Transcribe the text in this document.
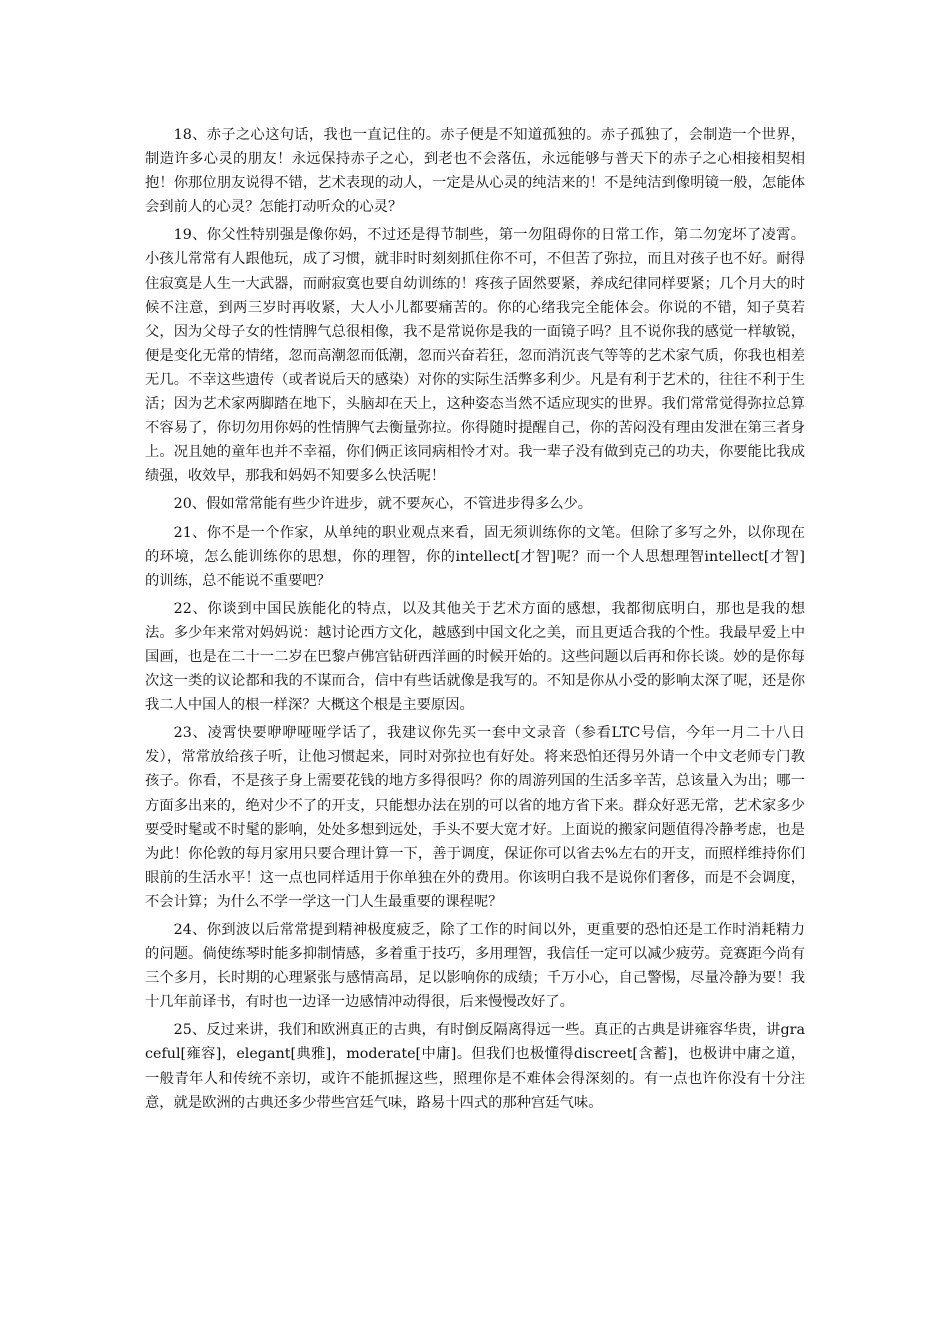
18、赤子之心这句话，我也一直记住的。赤子便是不知道孤独的。赤子孤独了，会制造一个世界，制造许多心灵的朋友！永远保持赤子之心，到老也不会落伍，永远能够与普天下的赤子之心相接相契相抱！你那位朋友说得不错，艺术表现的动人，一定是从心灵的纯洁来的！不是纯洁到像明镜一般，怎能体会到前人的心灵？怎能打动听众的心灵？

19、你父性特别强是像你妈，不过还是得节制些，第一勿阻碍你的日常工作，第二勿宠坏了凌霄。小孩儿常常有人跟他玩，成了习惯，就非时时刻刻抓住你不可，不但苦了弥拉，而且对孩子也不好。耐得住寂寞是人生一大武器，而耐寂寞也要自幼训练的！疼孩子固然要紧，养成纪律同样要紧；几个月大的时候不注意，到两三岁时再收紧，大人小儿都要痛苦的。你的心绪我完全能体会。你说的不错，知子莫若父，因为父母子女的性情脾气总很相像，我不是常说你是我的一面镜子吗？且不说你我的感觉一样敏锐，便是变化无常的情绪，忽而高潮忽而低潮，忽而兴奋若狂，忽而消沉丧气等等的艺术家气质，你我也相差无几。不幸这些遗传（或者说后天的感染）对你的实际生活弊多利少。凡是有利于艺术的，往往不利于生活；因为艺术家两脚踏在地下，头脑却在天上，这种姿态当然不适应现实的世界。我们常常觉得弥拉总算不容易了，你切勿用你妈的性情脾气去衡量弥拉。你得随时提醒自己，你的苦闷没有理由发泄在第三者身上。况且她的童年也并不幸福，你们俩正该同病相怜才对。我一辈子没有做到克己的功夫，你要能比我成绩强，收效早，那我和妈妈不知要多么快活呢！

20、假如常常能有些少许进步，就不要灰心，不管进步得多么少。

21、你不是一个作家，从单纯的职业观点来看，固无须训练你的文笔。但除了多写之外，以你现在的环境，怎么能训练你的思想，你的理智，你的intellect[才智]呢？而一个人思想理智intellect[才智] 的训练，总不能说不重要吧？

22、你谈到中国民族能化的特点，以及其他关于艺术方面的感想，我都彻底明白，那也是我的想法。多少年来常对妈妈说：越讨论西方文化，越感到中国文化之美，而且更适合我的个性。我最早爱上中国画，也是在二十一二岁在巴黎卢佛宫钻研西洋画的时候开始的。这些问题以后再和你长谈。妙的是你每次这一类的议论都和我的不谋而合，信中有些话就像是我写的。不知是你从小受的影响太深了呢，还是你我二人中国人的根一样深？大概这个根是主要原因。

23、凌霄快要咿咿哑哑学话了，我建议你先买一套中文录音（参看LTC号信，今年一月二十八日发），常常放给孩子听，让他习惯起来，同时对弥拉也有好处。将来恐怕还得另外请一个中文老师专门教孩子。你看，不是孩子身上需要花钱的地方多得很吗？你的周游列国的生活多辛苦，总该量入为出；哪一方面多出来的，绝对少不了的开支，只能想办法在别的可以省的地方省下来。群众好恶无常，艺术家多少要受时髦或不时髦的影响，处处多想到远处，手头不要大宽才好。上面说的搬家问题值得冷静考虑，也是为此！你伦敦的每月家用只要合理计算一下，善于调度，保证你可以省去%左右的开支，而照样维持你们眼前的生活水平！这一点也同样适用于你单独在外的费用。你该明白我不是说你们奢侈，而是不会调度，不会计算；为什么不学一学这一门人生最重要的课程呢？

24、你到波以后常常提到精神极度疲乏，除了工作的时间以外，更重要的恐怕还是工作时消耗精力的问题。倘使练琴时能多抑制情感，多着重于技巧，多用理智，我信任一定可以减少疲劳。竞赛距今尚有三个多月，长时期的心理紧张与感情高昂，足以影响你的成绩；千万小心，自己警惕，尽量冷静为要！我十几年前译书，有时也一边译一边感情冲动得很，后来慢慢改好了。

25、反过来讲，我们和欧洲真正的古典，有时倒反隔离得远一些。真正的古典是讲雍容华贵，讲graceful[雍容]，elegant[典雅]，moderate[中庸]。但我们也极懂得discreet[含蓄]，也极讲中庸之道，一般青年人和传统不亲切，或许不能抓握这些，照理你是不难体会得深刻的。有一点也许你没有十分注意，就是欧洲的古典还多少带些宫廷气味，路易十四式的那种宫廷气味。
